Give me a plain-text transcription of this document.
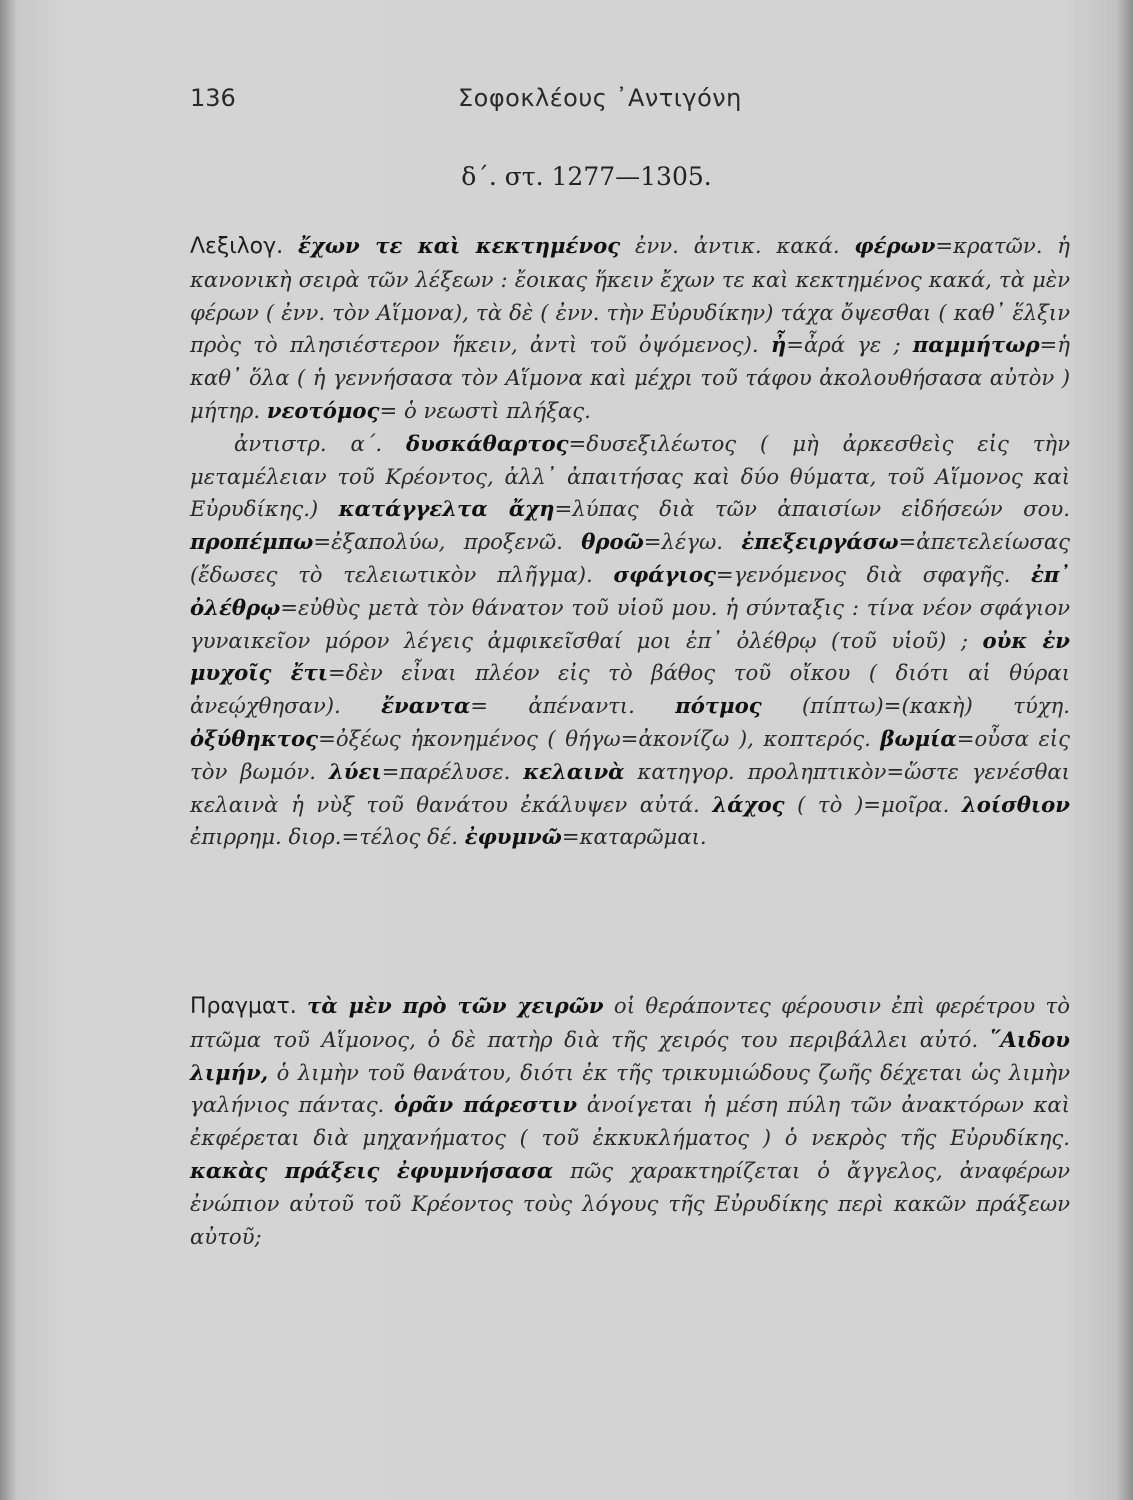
136	Σοφοκλέους ᾽Αντιγόνη
δ΄. στ. 1277—1305.

Λεξιλογ. ἔχων τε καὶ κεκτημένος ἐνν. ἀντικ. κακά. φέρων=κρατῶν. ἡ κανονικὴ σειρὰ τῶν λέξεων : ἔοικας ἥκειν ἔχων τε καὶ κεκτημένος κακά, τὰ μὲν φέρων ( ἐνν. τὸν Αἵμονα), τὰ δὲ ( ἐνν. τὴν Εὐρυδίκην) τάχα ὄψεσθαι ( καθ᾽ ἕλξιν πρὸς τὸ πλησιέστερον ἥκειν, ἀντὶ τοῦ ὀψόμενος). ἦ=ἆρά γε ; παμμήτωρ=ἡ καθ᾽ ὅλα ( ἡ γεννήσασα τὸν Αἵμονα καὶ μέχρι τοῦ τάφου ἀκολουθήσασα αὐτὸν ) μήτηρ. νεοτόμος= ὁ νεωστὶ πλήξας.

ἀντιστρ. α΄. δυσκάθαρτος=δυσεξιλέωτος ( μὴ ἀρκεσθεὶς εἰς τὴν μεταμέλειαν τοῦ Κρέοντος, ἀλλ᾽ ἀπαιτήσας καὶ δύο θύματα, τοῦ Αἵμονος καὶ Εὐρυδίκης.) κατάγγελτα ἄχη=λύπας διὰ τῶν ἀπαισίων εἰδήσεών σου. προπέμπω=ἐξαπολύω, προξενῶ. θροῶ=λέγω. ἐπεξειργάσω=ἀπετελείωσας (ἔδωσες τὸ τελειωτικὸν πλῆγμα). σφάγιος=γενόμενος διὰ σφαγῆς. ἐπ᾽ ὀλέθρῳ=εὐθὺς μετὰ τὸν θάνατον τοῦ υἱοῦ μου. ἡ σύνταξις : τίνα νέον σφάγιον γυναικεῖον μόρον λέγεις ἀμφικεῖσθαί μοι ἐπ᾽ ὀλέθρῳ (τοῦ υἱοῦ) ; οὐκ ἐν μυχοῖς ἔτι=δὲν εἶναι πλέον εἰς τὸ βάθος τοῦ οἴκου ( διότι αἱ θύραι ἀνεῴχθησαν). ἔναντα= ἀπέναντι. πότμος (πίπτω)=(κακὴ) τύχη. ὀξύθηκτος=ὀξέως ἠκονημένος ( θήγω=ἀκονίζω ), κοπτερός. βωμία=οὖσα εἰς τὸν βωμόν. λύει=παρέλυσε. κελαινὰ κατηγορ. προληπτικὸν=ὥστε γενέσθαι κελαινὰ ἡ νὺξ τοῦ θανάτου ἐκάλυψεν αὐτά. λάχος ( τὸ )=μοῖρα. λοίσθιον ἐπιρρημ. διορ.=τέλος δέ. ἐφυμνῶ=καταρῶμαι.

Πραγματ. τὰ μὲν πρὸ τῶν χειρῶν οἱ θεράποντες φέρουσιν ἐπὶ φερέτρου τὸ πτῶμα τοῦ Αἵμονος, ὁ δὲ πατὴρ διὰ τῆς χειρός του περιβάλλει αὐτό. ῞Αιδου λιμήν, ὁ λιμὴν τοῦ θανάτου, διότι ἐκ τῆς τρικυμιώδους ζωῆς δέχεται ὡς λιμὴν γαλήνιος πάντας. ὁρᾶν πάρεστιν ἀνοίγεται ἡ μέση πύλη τῶν ἀνακτόρων καὶ ἐκφέρεται διὰ μηχανήματος ( τοῦ ἐκκυκλήματος ) ὁ νεκρὸς τῆς Εὐρυδίκης. κακὰς πράξεις ἐφυμνήσασα πῶς χαρακτηρίζεται ὁ ἄγγελος, ἀναφέρων ἐνώπιον αὐτοῦ τοῦ Κρέοντος τοὺς λόγους τῆς Εὐρυδίκης περὶ κακῶν πράξεων αὐτοῦ;
